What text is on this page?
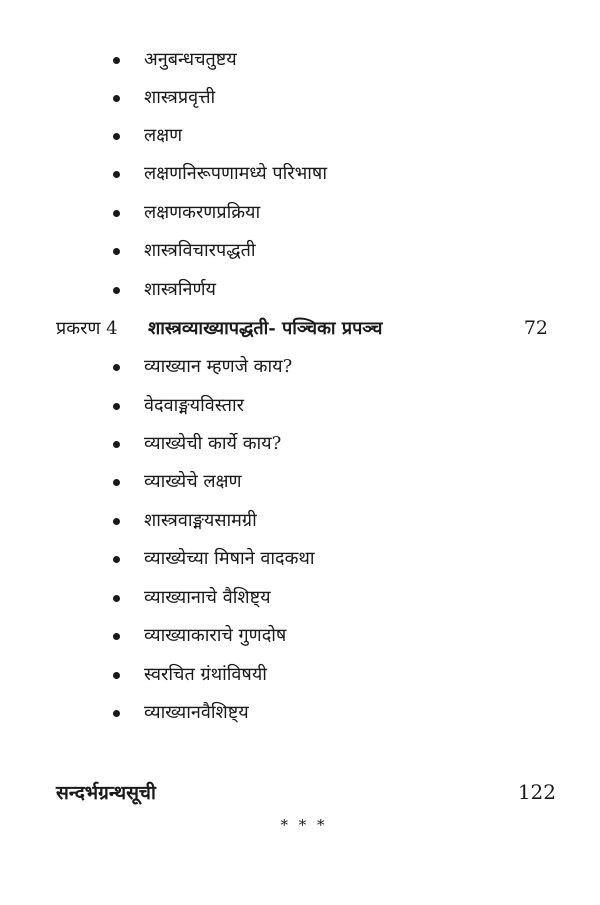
अनुबन्धचतुष्टय
शास्त्रप्रवृत्ती
लक्षण
लक्षणनिरूपणामध्ये परिभाषा
लक्षणकरणप्रक्रिया
शास्त्रविचारपद्धती
शास्त्रनिर्णय
प्रकरण 4	शास्त्रव्याख्यापद्धती- पञ्चिका प्रपञ्च	72
व्याख्यान म्हणजे काय?
वेदवाङ्मयविस्तार
व्याख्येची कार्ये काय?
व्याख्येचे लक्षण
शास्त्रवाङ्मयसामग्री
व्याख्येच्या मिषाने वादकथा
व्याख्यानाचे वैशिष्ट्य
व्याख्याकाराचे गुणदोष
स्वरचित ग्रंथांविषयी
व्याख्यानवैशिष्ट्य
सन्दर्भग्रन्थसूची	122
* * *
